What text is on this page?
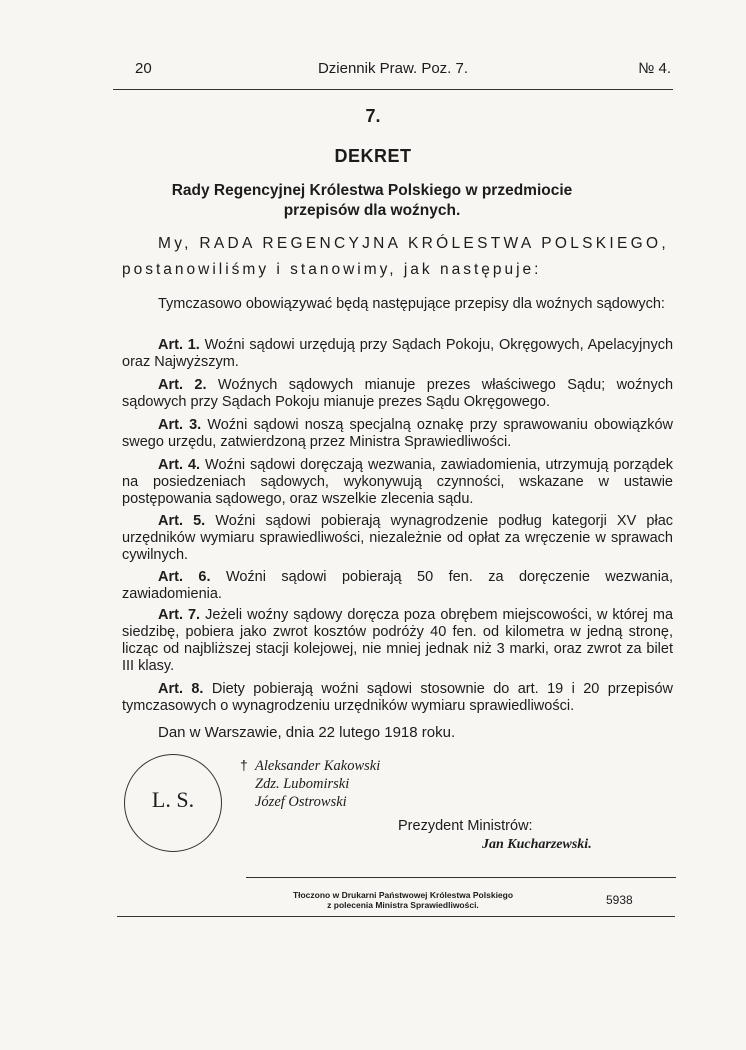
20	Dziennik Praw. Poz. 7.	№ 4.
7.
DEKRET
Rady Regencyjnej Królestwa Polskiego w przedmiocie
przepisów dla woźnych.
My, RADA REGENCYJNA KRÓLESTWA POLSKIEGO,
postanowiliśmy i stanowimy, jak następuje:

Tymczasowo obowiązywać będą następujące przepisy dla woźnych sądowych:

Art. 1. Woźni sądowi urzędują przy Sądach Pokoju, Okręgowych, Apelacyjnych oraz Najwyższym.

Art. 2. Woźnych sądowych mianuje prezes właściwego Sądu; woźnych sądowych przy Sądach Pokoju mianuje prezes Sądu Okręgowego.

Art. 3. Woźni sądowi noszą specjalną oznakę przy sprawowaniu obowiązków swego urzędu, zatwierdzoną przez Ministra Sprawiedliwości.

Art. 4. Woźni sądowi doręczają wezwania, zawiadomienia, utrzymują porządek na posiedzeniach sądowych, wykonywują czynności, wskazane w ustawie postępowania sądowego, oraz wszelkie zlecenia sądu.

Art. 5. Woźni sądowi pobierają wynagrodzenie podług kategorji XV płac urzędników wymiaru sprawiedliwości, niezależnie od opłat za wręczenie w sprawach cywilnych.

Art. 6. Woźni sądowi pobierają 50 fen. za doręczenie wezwania, zawiadomienia.

Art. 7. Jeżeli woźny sądowy doręcza poza obrębem miejscowości, w której ma siedzibę, pobiera jako zwrot kosztów podróży 40 fen. od kilometra w jedną stronę, licząc od najbliższej stacji kolejowej, nie mniej jednak niż 3 marki, oraz zwrot za bilet III klasy.

Art. 8. Diety pobierają woźni sądowi stosownie do art. 19 i 20 przepisów tymczasowych o wynagrodzeniu urzędników wymiaru sprawiedliwości.

Dan w Warszawie, dnia 22 lutego 1918 roku.
L. S.
† Aleksander Kakowski
Zdz. Lubomirski
Józef Ostrowski
Prezydent Ministrów:
Jan Kucharzewski.
Tłoczono w Drukarni Państwowej Królestwa Polskiego
z polecenia Ministra Sprawiedliwości.	5938
